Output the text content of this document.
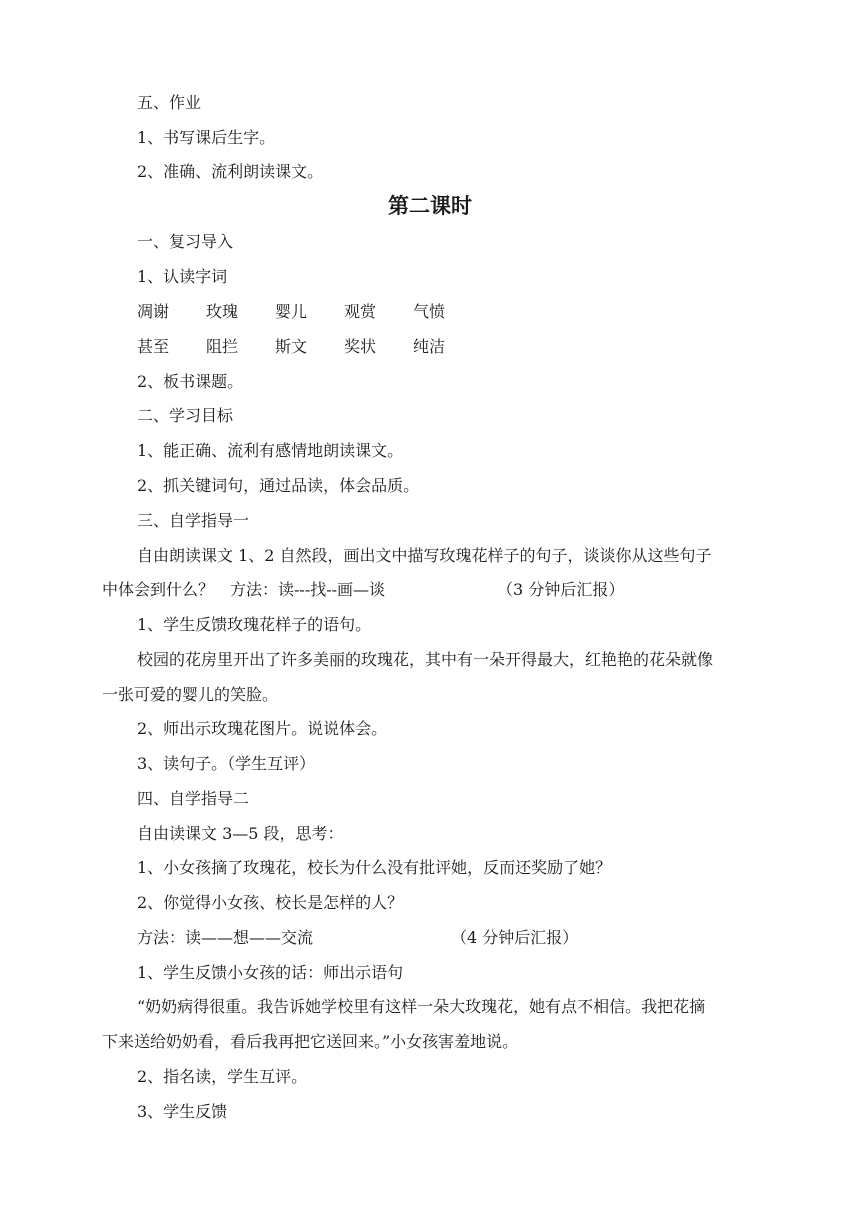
五、作业
1、书写课后生字。
2、准确、流利朗读课文。
第二课时
一、复习导入
1、认读字词
凋谢 玫瑰 婴儿 观赏 气愤
甚至 阻拦 斯文 奖状 纯洁
2、板书课题。
二、学习目标
1、能正确、流利有感情地朗读课文。
2、抓关键词句，通过品读，体会品质。
三、自学指导一
自由朗读课文 1、2 自然段，画出文中描写玫瑰花样子的句子，谈谈你从这些句子
中体会到什么？　方法：读---找--画—谈	（3 分钟后汇报）
1、学生反馈玫瑰花样子的语句。
校园的花房里开出了许多美丽的玫瑰花，其中有一朵开得最大，红艳艳的花朵就像
一张可爱的婴儿的笑脸。
2、师出示玫瑰花图片。说说体会。
3、读句子。（学生互评）
四、自学指导二
自由读课文 3—5 段，思考：
1、小女孩摘了玫瑰花，校长为什么没有批评她，反而还奖励了她？
2、你觉得小女孩、校长是怎样的人？
方法：读——想——交流	（4 分钟后汇报）
1、学生反馈小女孩的话：师出示语句
“奶奶病得很重。我告诉她学校里有这样一朵大玫瑰花，她有点不相信。我把花摘
下来送给奶奶看，看后我再把它送回来。”小女孩害羞地说。
2、指名读，学生互评。
3、学生反馈
